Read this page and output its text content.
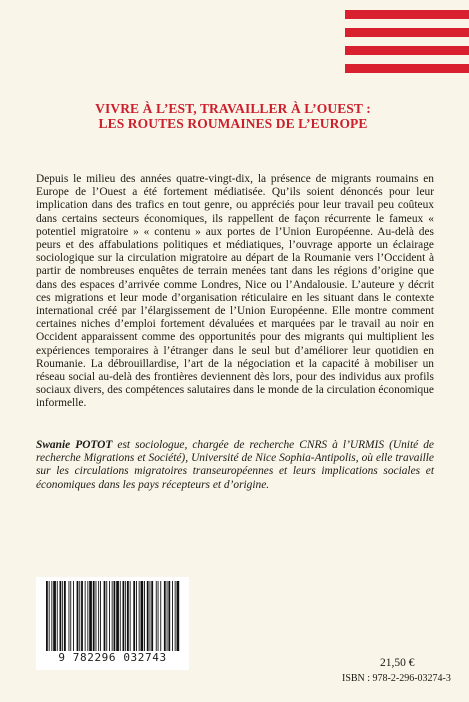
VIVRE À L’EST, TRAVAILLER À L’OUEST :
LES ROUTES ROUMAINES DE L’EUROPE
Depuis le milieu des années quatre-vingt-dix, la présence de migrants roumains en Europe de l’Ouest a été fortement médiatisée. Qu’ils soient dénoncés pour leur implication dans des trafics en tout genre, ou appréciés pour leur travail peu coûteux dans certains secteurs économiques, ils rappellent de façon récurrente le fameux « potentiel migratoire » « contenu » aux portes de l’Union Européenne. Au-delà des peurs et des affabulations politiques et médiatiques, l’ouvrage apporte un éclairage sociologique sur la circulation migratoire au départ de la Roumanie vers l’Occident à partir de nombreuses enquêtes de terrain menées tant dans les régions d’origine que dans des espaces d’arrivée comme Londres, Nice ou l’Andalousie. L’auteure y décrit ces migrations et leur mode d’organisation réticulaire en les situant dans le contexte international créé par l’élargissement de l’Union Européenne. Elle montre comment certaines niches d’emploi fortement dévaluées et marquées par le travail au noir en Occident apparaissent comme des opportunités pour des migrants qui multiplient les expériences temporaires à l’étranger dans le seul but d’améliorer leur quotidien en Roumanie. La débrouillardise, l’art de la négociation et la capacité à mobiliser un réseau social au-delà des frontières deviennent dès lors, pour des individus aux profils sociaux divers, des compétences salutaires dans le monde de la circulation économique informelle.
Swanie POTOT est sociologue, chargée de recherche CNRS à l’URMIS (Unité de recherche Migrations et Société), Université de Nice Sophia-Antipolis, où elle travaille sur les circulations migratoires transeuropéennes et leurs implications sociales et économiques dans les pays récepteurs et d’origine.
9 782296 032743	21,50 €
ISBN : 978-2-296-03274-3
